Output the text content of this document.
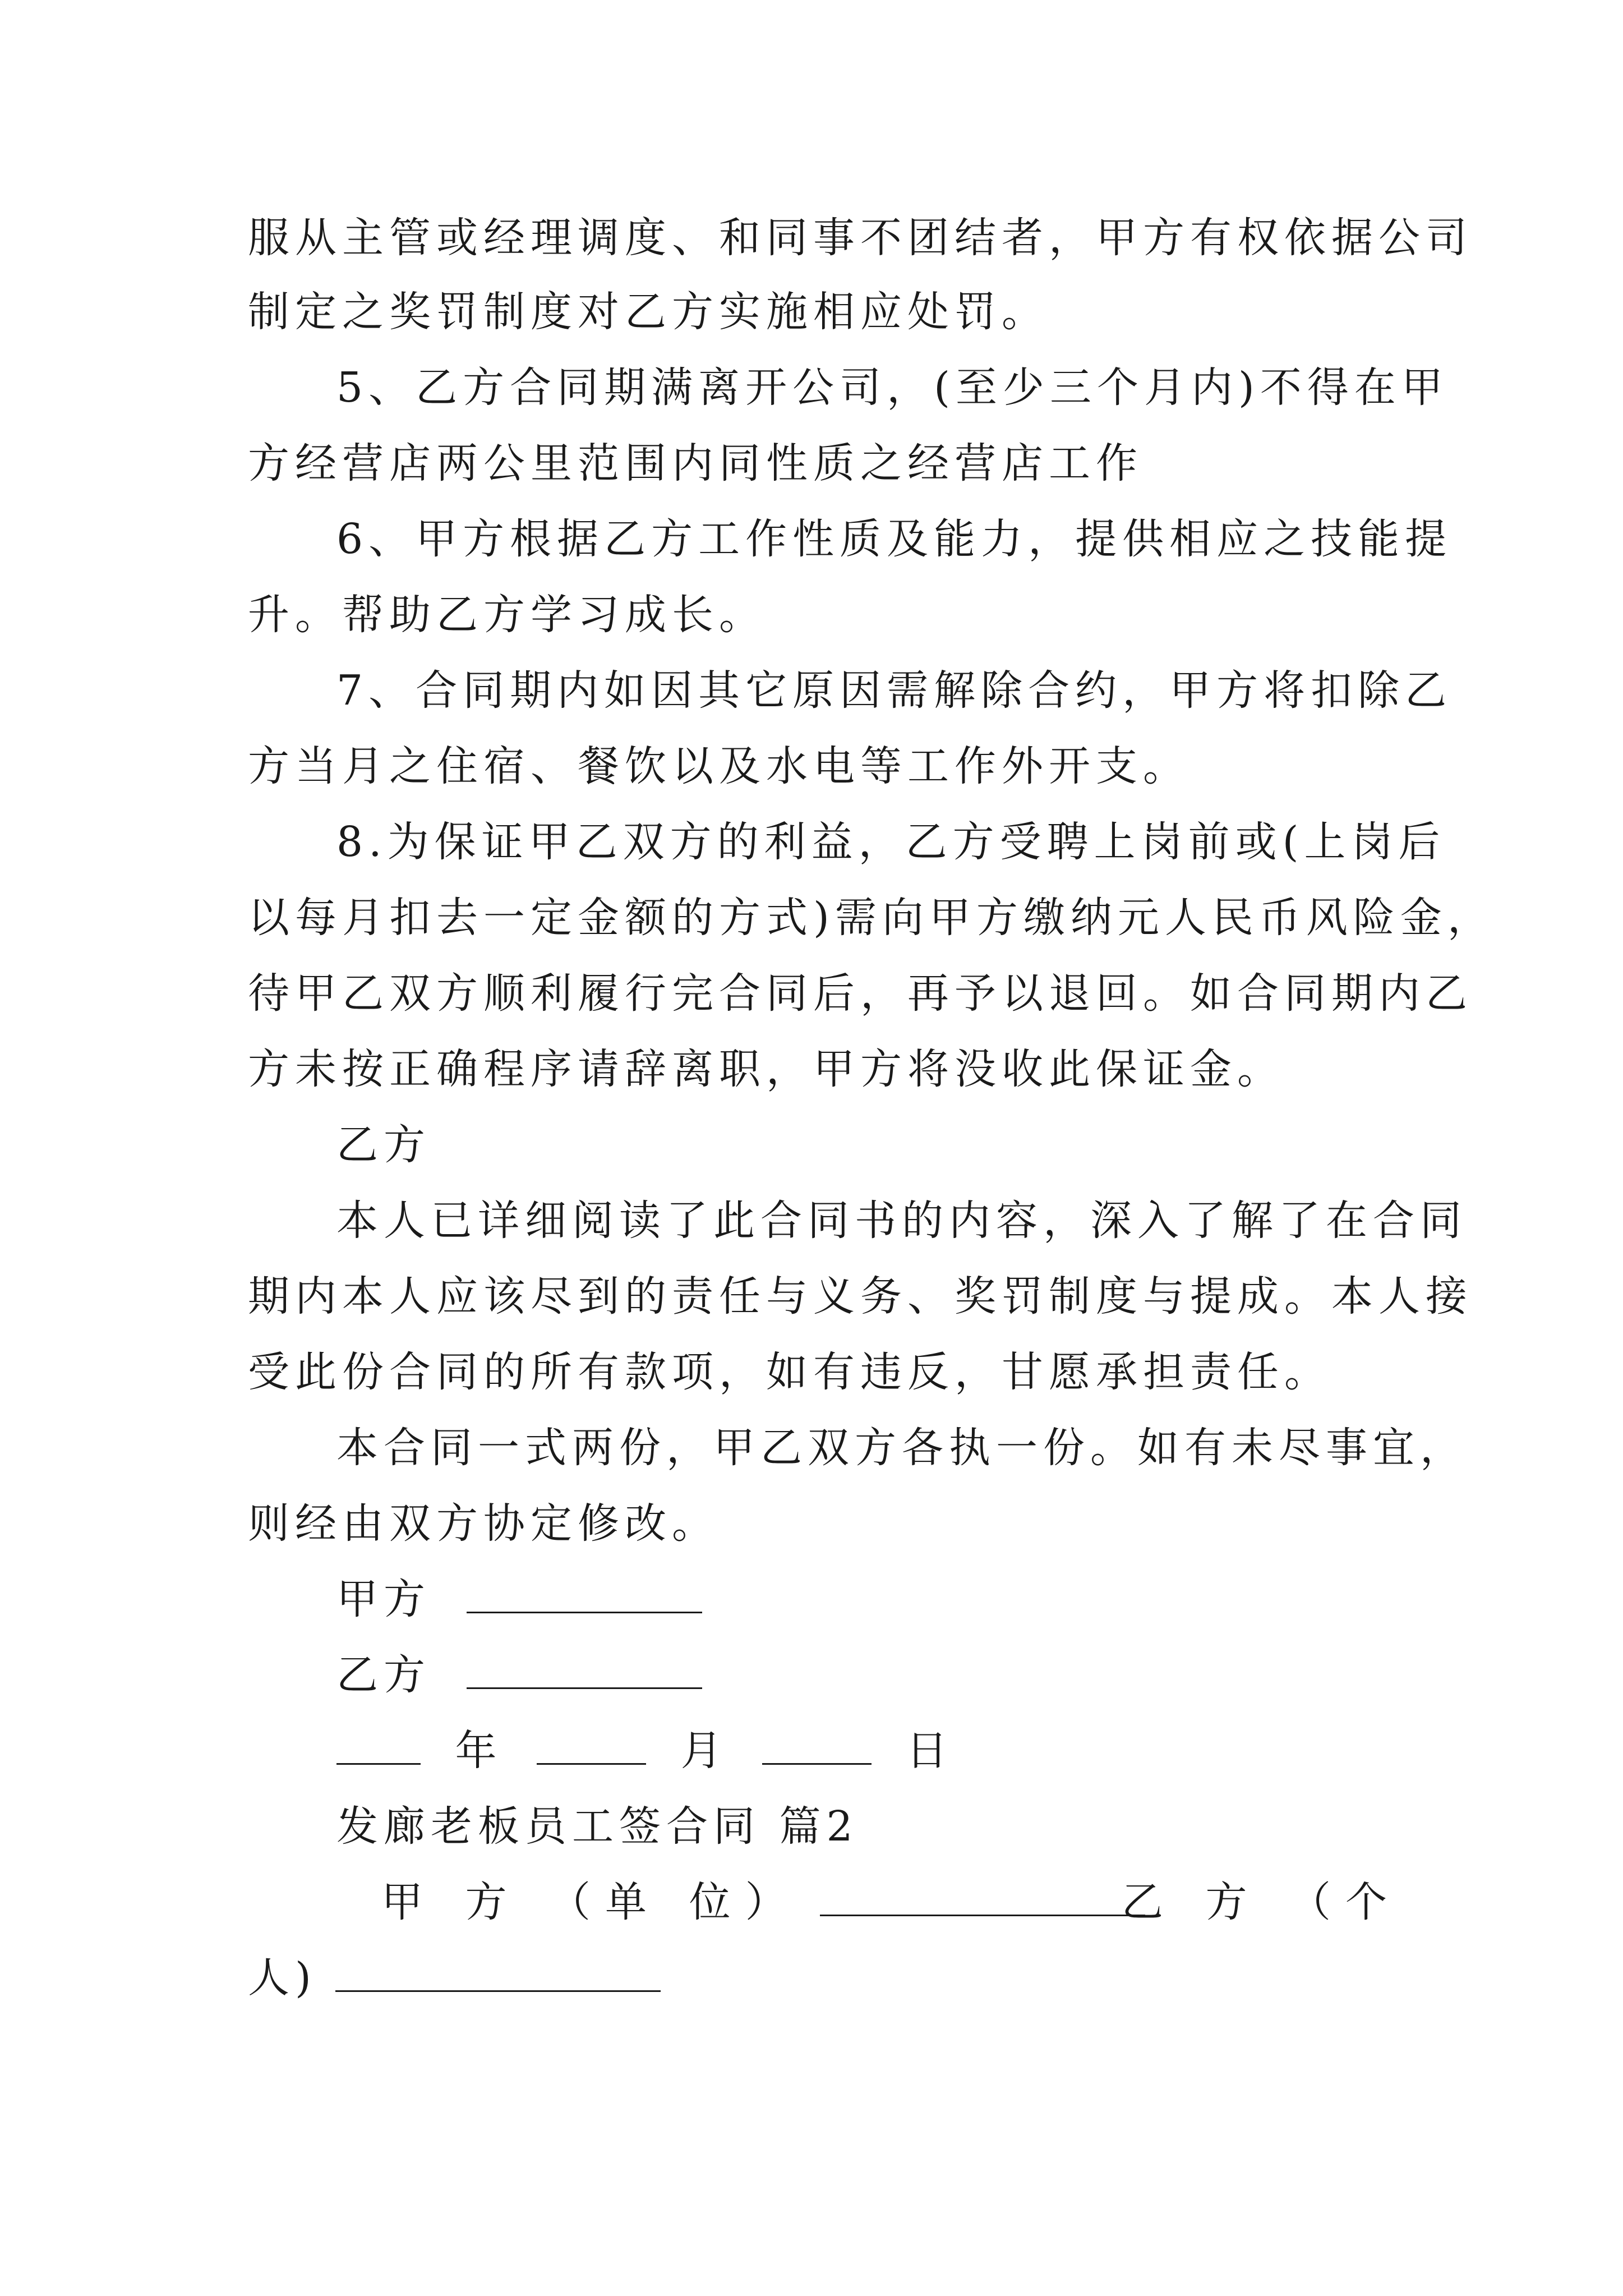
服从主管或经理调度、和同事不团结者，甲方有权依据公司
制定之奖罚制度对乙方实施相应处罚。
5、乙方合同期满离开公司，(至少三个月内)不得在甲
方经营店两公里范围内同性质之经营店工作
6、甲方根据乙方工作性质及能力，提供相应之技能提
升。帮助乙方学习成长。
7、合同期内如因其它原因需解除合约，甲方将扣除乙
方当月之住宿、餐饮以及水电等工作外开支。
8.为保证甲乙双方的利益，乙方受聘上岗前或(上岗后
以每月扣去一定金额的方式)需向甲方缴纳元人民币风险金，
待甲乙双方顺利履行完合同后，再予以退回。如合同期内乙
方未按正确程序请辞离职，甲方将没收此保证金。
乙方
本人已详细阅读了此合同书的内容，深入了解了在合同
期内本人应该尽到的责任与义务、奖罚制度与提成。本人接
受此份合同的所有款项，如有违反，甘愿承担责任。
本合同一式两份，甲乙双方各执一份。如有未尽事宜，
则经由双方协定修改。
甲方
乙方
年	月	日
发廊老板员工签合同 篇2
甲 方 （单 位）	乙 方 （个
人)
